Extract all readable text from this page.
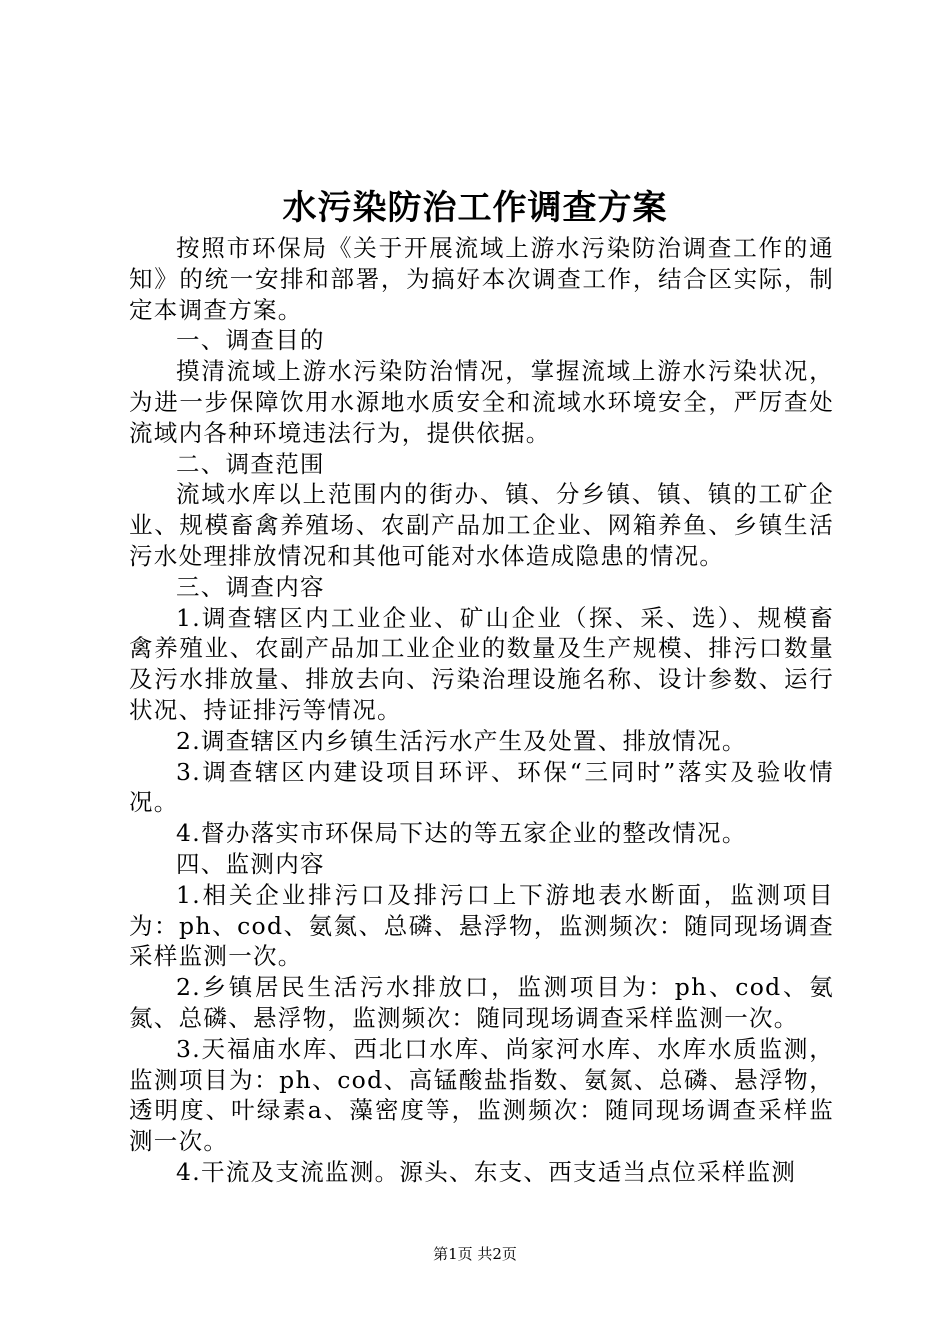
水污染防治工作调查方案

按照市环保局《关于开展流域上游水污染防治调查工作的通知》的统一安排和部署，为搞好本次调查工作，结合区实际，制定本调查方案。

一、调查目的

摸清流域上游水污染防治情况，掌握流域上游水污染状况，为进一步保障饮用水源地水质安全和流域水环境安全，严厉查处流域内各种环境违法行为，提供依据。

二、调查范围

流域水库以上范围内的街办、镇、分乡镇、镇、镇的工矿企业、规模畜禽养殖场、农副产品加工企业、网箱养鱼、乡镇生活污水处理排放情况和其他可能对水体造成隐患的情况。

三、调查内容

1.调查辖区内工业企业、矿山企业（探、采、选）、规模畜禽养殖业、农副产品加工业企业的数量及生产规模、排污口数量及污水排放量、排放去向、污染治理设施名称、设计参数、运行状况、持证排污等情况。

2.调查辖区内乡镇生活污水产生及处置、排放情况。

3.调查辖区内建设项目环评、环保“三同时”落实及验收情况。

4.督办落实市环保局下达的等五家企业的整改情况。

四、监测内容

1.相关企业排污口及排污口上下游地表水断面，监测项目为：ph、cod、氨氮、总磷、悬浮物，监测频次：随同现场调查采样监测一次。

2.乡镇居民生活污水排放口，监测项目为：ph、cod、氨氮、总磷、悬浮物，监测频次：随同现场调查采样监测一次。

3.天福庙水库、西北口水库、尚家河水库、水库水质监测，监测项目为：ph、cod、高锰酸盐指数、氨氮、总磷、悬浮物，透明度、叶绿素a、藻密度等，监测频次：随同现场调查采样监测一次。

4.干流及支流监测。源头、东支、西支适当点位采样监测

第1页 共2页
